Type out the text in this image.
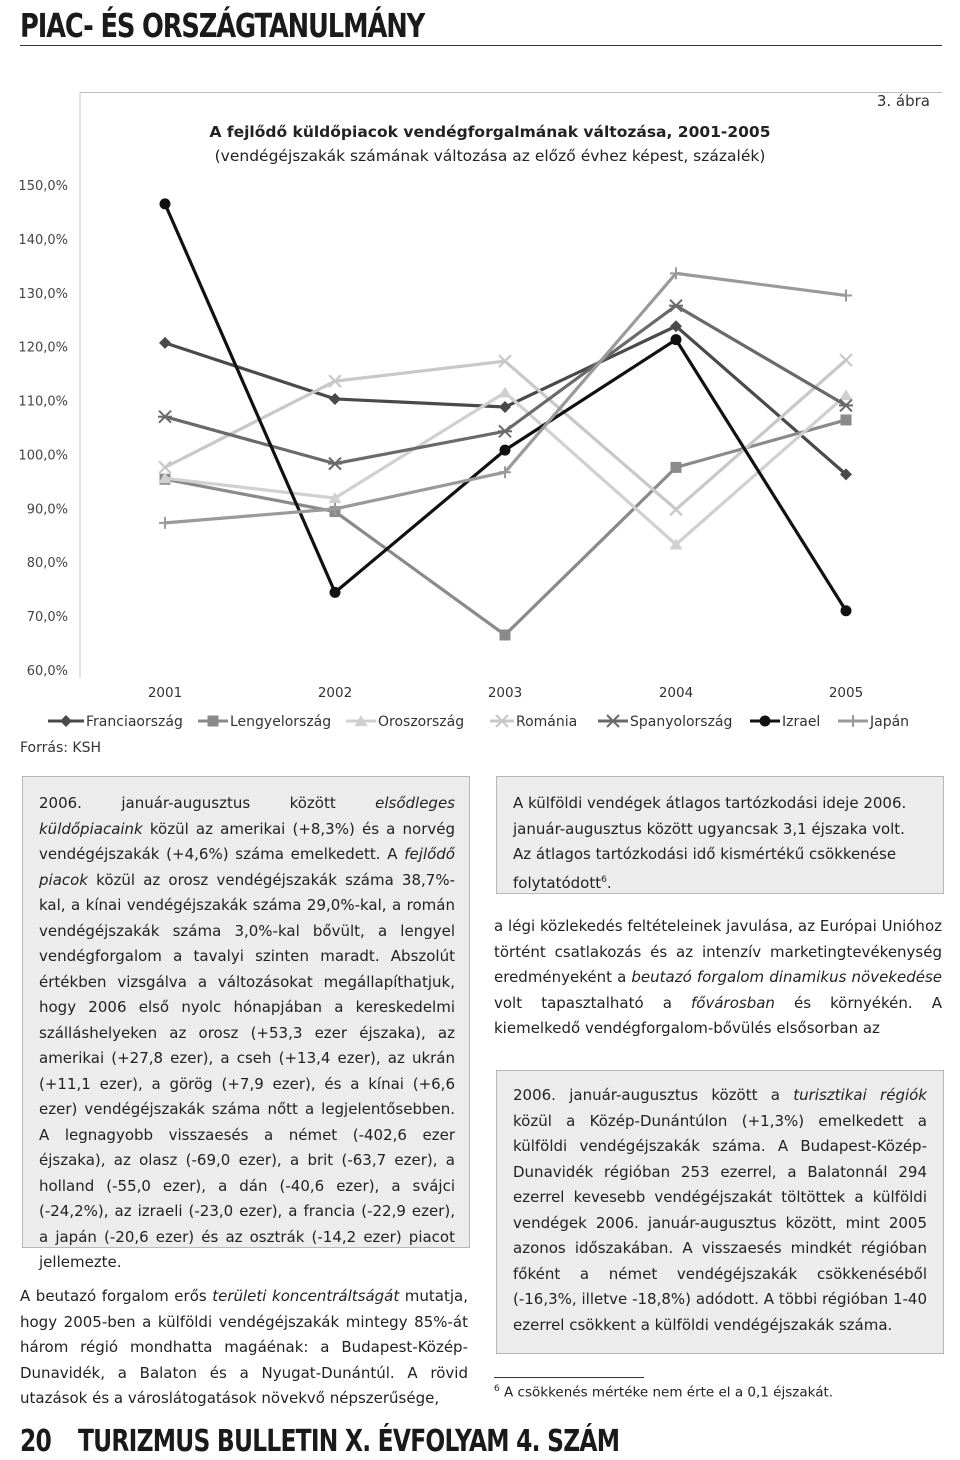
PIAC- ÉS ORSZÁGTANULMÁNY
3. ábra
A fejlődő küldőpiacok vendégforgalmának változása, 2001-2005
(vendégéjszakák számának változása az előző évhez képest, százalék)
150,0%
140,0%
130,0%
120,0%
110,0%
100,0%
90,0%
80,0%
70,0%
60,0%
2001	2002	2003	2004	2005
Franciaország	Lengyelország	Oroszország	Románia	Spanyolország	Izrael	Japán
Forrás: KSH
2006. január-augusztus között elsődleges küldőpiacaink közül az amerikai (+8,3%) és a norvég vendégéjszakák (+4,6%) száma emelkedett. A fejlődő piacok közül az orosz vendégéjszakák száma 38,7%-kal, a kínai vendégéjszakák száma 29,0%-kal, a román vendégéjszakák száma 3,0%-kal bővült, a lengyel vendégforgalom a tavalyi szinten maradt. Abszolút értékben vizsgálva a változásokat megállapíthatjuk, hogy 2006 első nyolc hónapjában a kereskedelmi szálláshelyeken az orosz (+53,3 ezer éjszaka), az amerikai (+27,8 ezer), a cseh (+13,4 ezer), az ukrán (+11,1 ezer), a görög (+7,9 ezer), és a kínai (+6,6 ezer) vendégéjszakák száma nőtt a legjelentősebben. A legnagyobb visszaesés a német (-402,6 ezer éjszaka), az olasz (-69,0 ezer), a brit (-63,7 ezer), a holland (-55,0 ezer), a dán (-40,6 ezer), a svájci (-24,2%), az izraeli (-23,0 ezer), a francia (-22,9 ezer), a japán (-20,6 ezer) és az osztrák (-14,2 ezer) piacot jellemezte.
A beutazó forgalom erős területi koncentráltságát mutatja, hogy 2005-ben a külföldi vendégéjszakák mintegy 85%-át három régió mondhatta magáénak: a Budapest-Közép-Dunavidék, a Balaton és a Nyugat-Dunántúl. A rövid utazások és a városlátogatások növekvő népszerűsége,
A külföldi vendégek átlagos tartózkodási ideje 2006. január-augusztus között ugyancsak 3,1 éjszaka volt. Az átlagos tartózkodási idő kismértékű csökkenése folytatódott$^6$.
a légi közlekedés feltételeinek javulása, az Európai Unióhoz történt csatlakozás és az intenzív marketingtevékenység eredményeként a beutazó forgalom dinamikus növekedése volt tapasztalható a fővárosban és környékén. A kiemelkedő vendégforgalom-bővülés elsősorban az
2006. január-augusztus között a turisztikai régiók közül a Közép-Dunántúlon (+1,3%) emelkedett a külföldi vendégéjszakák száma. A Budapest-Közép-Dunavidék régióban 253 ezerrel, a Balatonnál 294 ezerrel kevesebb vendégéjszakát töltöttek a külföldi vendégek 2006. január-augusztus között, mint 2005 azonos időszakában. A visszaesés mindkét régióban főként a német vendégéjszakák csökkenéséből (-16,3%, illetve -18,8%) adódott. A többi régióban 1-40 ezerrel csökkent a külföldi vendégéjszakák száma.
$^6$ A csökkenés mértéke nem érte el a 0,1 éjszakát.
20 TURIZMUS BULLETIN X. ÉVFOLYAM 4. SZÁM
